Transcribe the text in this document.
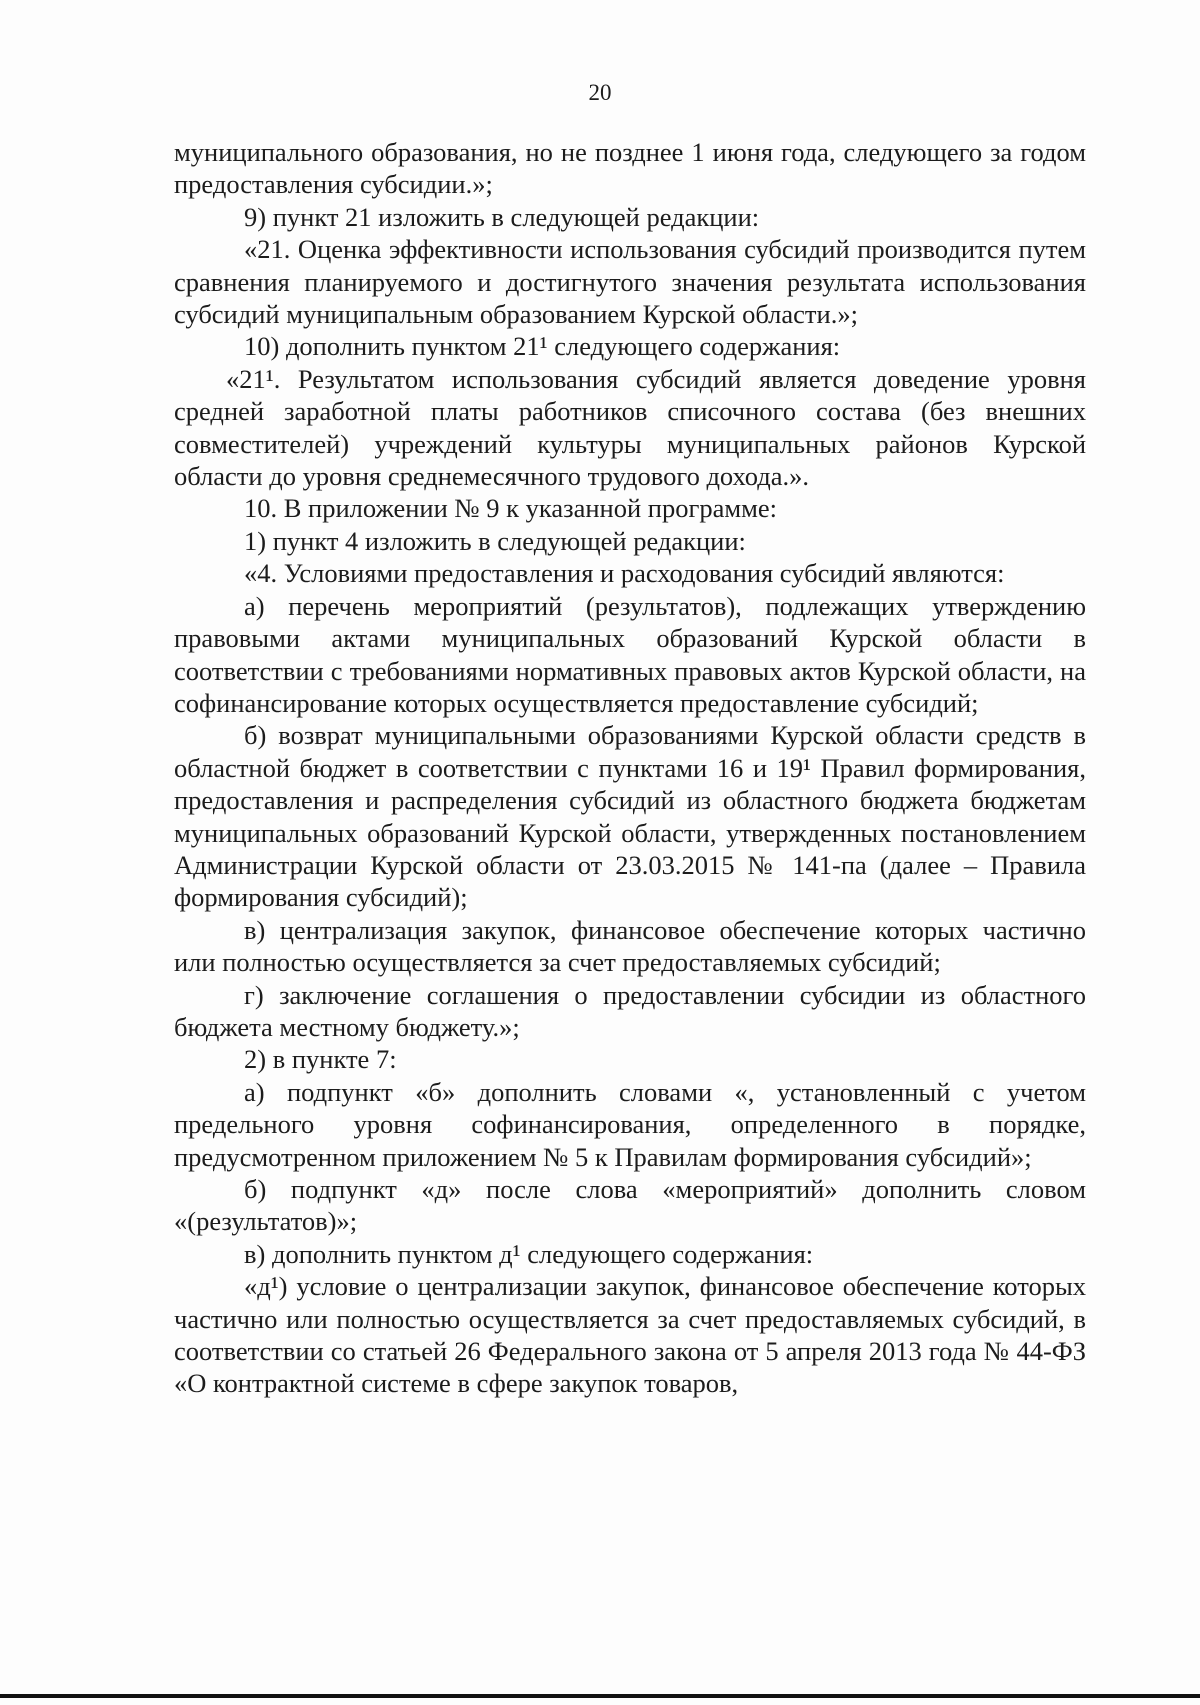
20

муниципального образования, но не позднее 1 июня года, следующего за годом предоставления субсидии.»;

9) пункт 21 изложить в следующей редакции:

«21. Оценка эффективности использования субсидий производится путем сравнения планируемого и достигнутого значения результата использования субсидий муниципальным образованием Курской области.»;

10) дополнить пунктом 21¹ следующего содержания:

«21¹. Результатом использования субсидий является доведение уровня средней заработной платы работников списочного состава (без внешних совместителей) учреждений культуры муниципальных районов Курской области до уровня среднемесячного трудового дохода.».

10. В приложении № 9 к указанной программе:

1) пункт 4 изложить в следующей редакции:

«4. Условиями предоставления и расходования субсидий являются:

а) перечень мероприятий (результатов), подлежащих утверждению правовыми актами муниципальных образований Курской области в соответствии с требованиями нормативных правовых актов Курской области, на софинансирование которых осуществляется предоставление субсидий;

б) возврат муниципальными образованиями Курской области средств в областной бюджет в соответствии с пунктами 16 и 19¹ Правил формирования, предоставления и распределения субсидий из областного бюджета бюджетам муниципальных образований Курской области, утвержденных постановлением Администрации Курской области от 23.03.2015 № 141-па (далее – Правила формирования субсидий);

в) централизация закупок, финансовое обеспечение которых частично или полностью осуществляется за счет предоставляемых субсидий;

г) заключение соглашения о предоставлении субсидии из областного бюджета местному бюджету.»;

2) в пункте 7:

а) подпункт «б» дополнить словами «, установленный с учетом предельного уровня софинансирования, определенного в порядке, предусмотренном приложением № 5 к Правилам формирования субсидий»;

б) подпункт «д» после слова «мероприятий» дополнить словом «(результатов)»;

в) дополнить пунктом д¹ следующего содержания:

«д¹) условие о централизации закупок, финансовое обеспечение которых частично или полностью осуществляется за счет предоставляемых субсидий, в соответствии со статьей 26 Федерального закона от 5 апреля 2013 года № 44-ФЗ «О контрактной системе в сфере закупок товаров,
